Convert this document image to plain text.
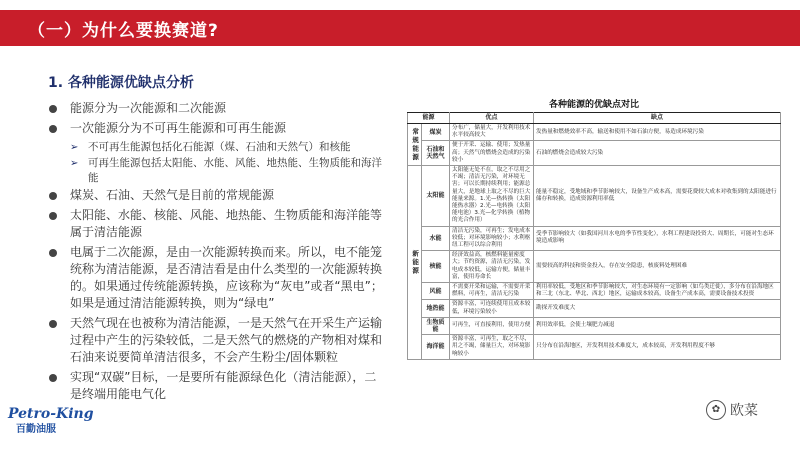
（一）为什么要换赛道?
1. 各种能源优缺点分析
能源分为一次能源和二次能源
一次能源分为不可再生能源和可再生能源
➢ 不可再生能源包括化石能源（煤、石油和天然气）和核能
➢ 可再生能源包括太阳能、水能、风能、地热能、生物质能和海洋能
煤炭、石油、天然气是目前的常规能源
太阳能、水能、核能、风能、地热能、生物质能和海洋能等属于清洁能源
电属于二次能源，是由一次能源转换而来。所以，电不能笼统称为清洁能源，是否清洁看是由什么类型的一次能源转换的。如果通过传统能源转换，应该称为“灰电”或者“黑电”；如果是通过清洁能源转换，则为“绿电”
天然气现在也被称为清洁能源，一是天然气在开采生产运输过程中产生的污染较低，二是天然气的燃烧的产物相对煤和石油来说要简单清洁很多，不会产生粉尘/固体颗粒
实现“双碳”目标，一是要所有能源绿色化（清洁能源），二是终端用能电气化
各种能源的优缺点对比
能源		优点	缺点
常规能源	煤炭	分布广，储量大，开发利用技术水平较高较大	发热量和燃烧效率不高，输送和使用不如石油方便，易造成环境污染
	石油和天然气	便于开采、运输、使用；发热量高；天然气的燃烧会造成的污染较小	石油的燃烧会造成较大污染
新能源	太阳能	太阳能无处不在，取之不尽用之不竭；清洁无污染，对环境无害；可以长期持续利用；能源总量大，是地球上取之不尽的巨大能量来源。1.光—热转换（太阳能热水器）2.光—电转换（太阳能电池）3.光—化学转换（植物的光合作用）	能量不稳定，受地域和季节影响较大，设备生产成本高，需要花费较大成本对收集到的太阳能进行储存和转换，造成资源利用率低
	水能	清洁无污染，可再生；发电成本较低；对环境影响较小；水利枢纽工程可以综合利用	受季节影响较大（如我国河川水电的季节性变化），水利工程建设投资大、周期长，可能对生态环境造成影响
	核能	经济效益高，核燃料能量密度大；节约资源，清洁无污染，发电成本较低，运输方便，储量丰富，使用寿命长	需要较高的科技和资金投入，存在安全隐患，核废料处理困难
	风能	不需要开采和运输，不需要开采燃料，可再生，清洁无污染	利用率较低，受地区和季节影响较大，对生态环境有一定影响（如鸟类迁徙），多分布在沿海地区和三北（东北、华北、西北）地区，运输成本较高，设备生产成本高，需要设备技术投资
	地热能	资源丰富，可连续使用且成本较低，环境污染较小	勘探开发难度大
	生物质能	可再生，可直接利用，使用方便	利用效率低，会使土壤肥力减退
	海洋能	资源丰富，可再生，取之不尽，用之不竭，储量巨大，对环境影响较小	只分布在沿海地区，开发利用技术难度大，成本较高，开发利用程度不够
Petro-King
百勤油服
✿ 欧菜
